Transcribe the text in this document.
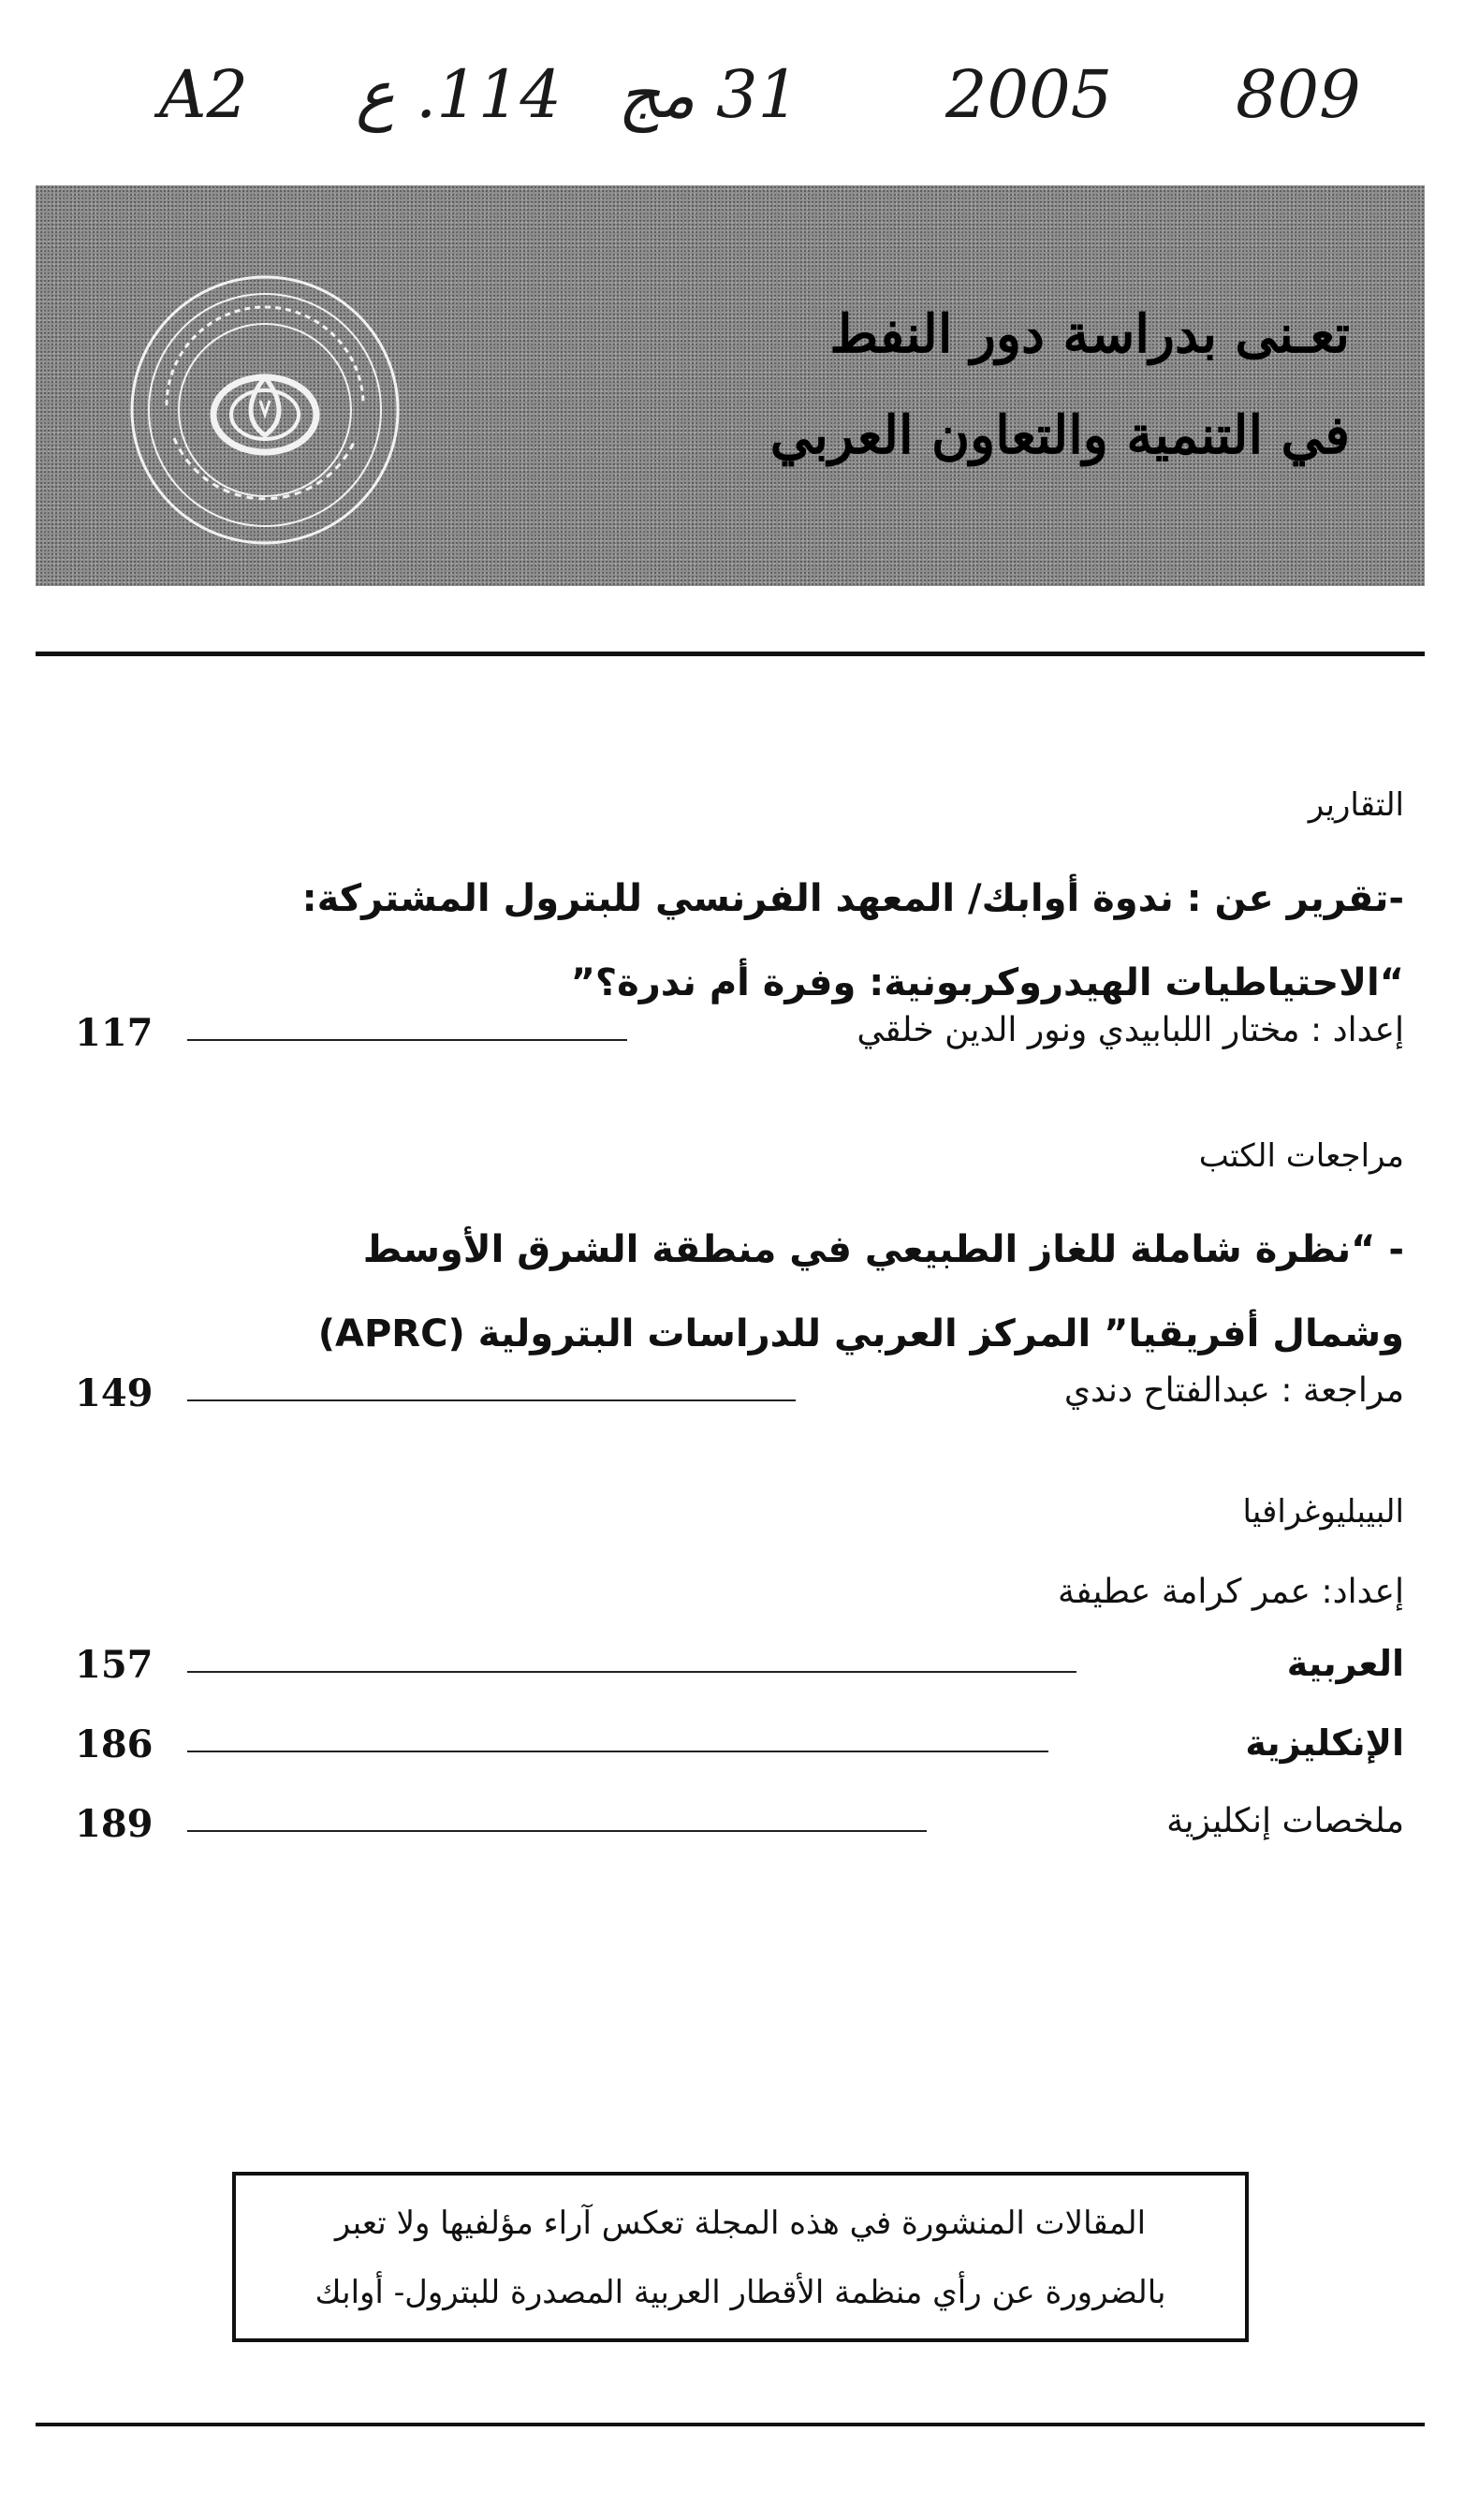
A2 114. ع 31 مج 2005 809
تعـنى بدراسة دور النفط
في التنمية والتعاون العربي
التقارير
-تقرير عن : ندوة أوابك/ المعهد الفرنسي للبترول المشتركة:
“الاحتياطيات الهيدروكربونية: وفرة أم ندرة؟”
إعداد : مختار اللبابيدي ونور الدين خلقي
117
مراجعات الكتب
- “نظرة شاملة للغاز الطبيعي في منطقة الشرق الأوسط
وشمال أفريقيا” المركز العربي للدراسات البترولية (APRC)
مراجعة : عبدالفتاح دندي
149
البيبليوغرافيا
إعداد: عمر كرامة عطيفة
العربية
157
الإنكليزية
186
ملخصات إنكليزية
189
المقالات المنشورة في هذه المجلة تعكس آراء مؤلفيها ولا تعبر
بالضرورة عن رأي منظمة الأقطار العربية المصدرة للبترول- أوابك
